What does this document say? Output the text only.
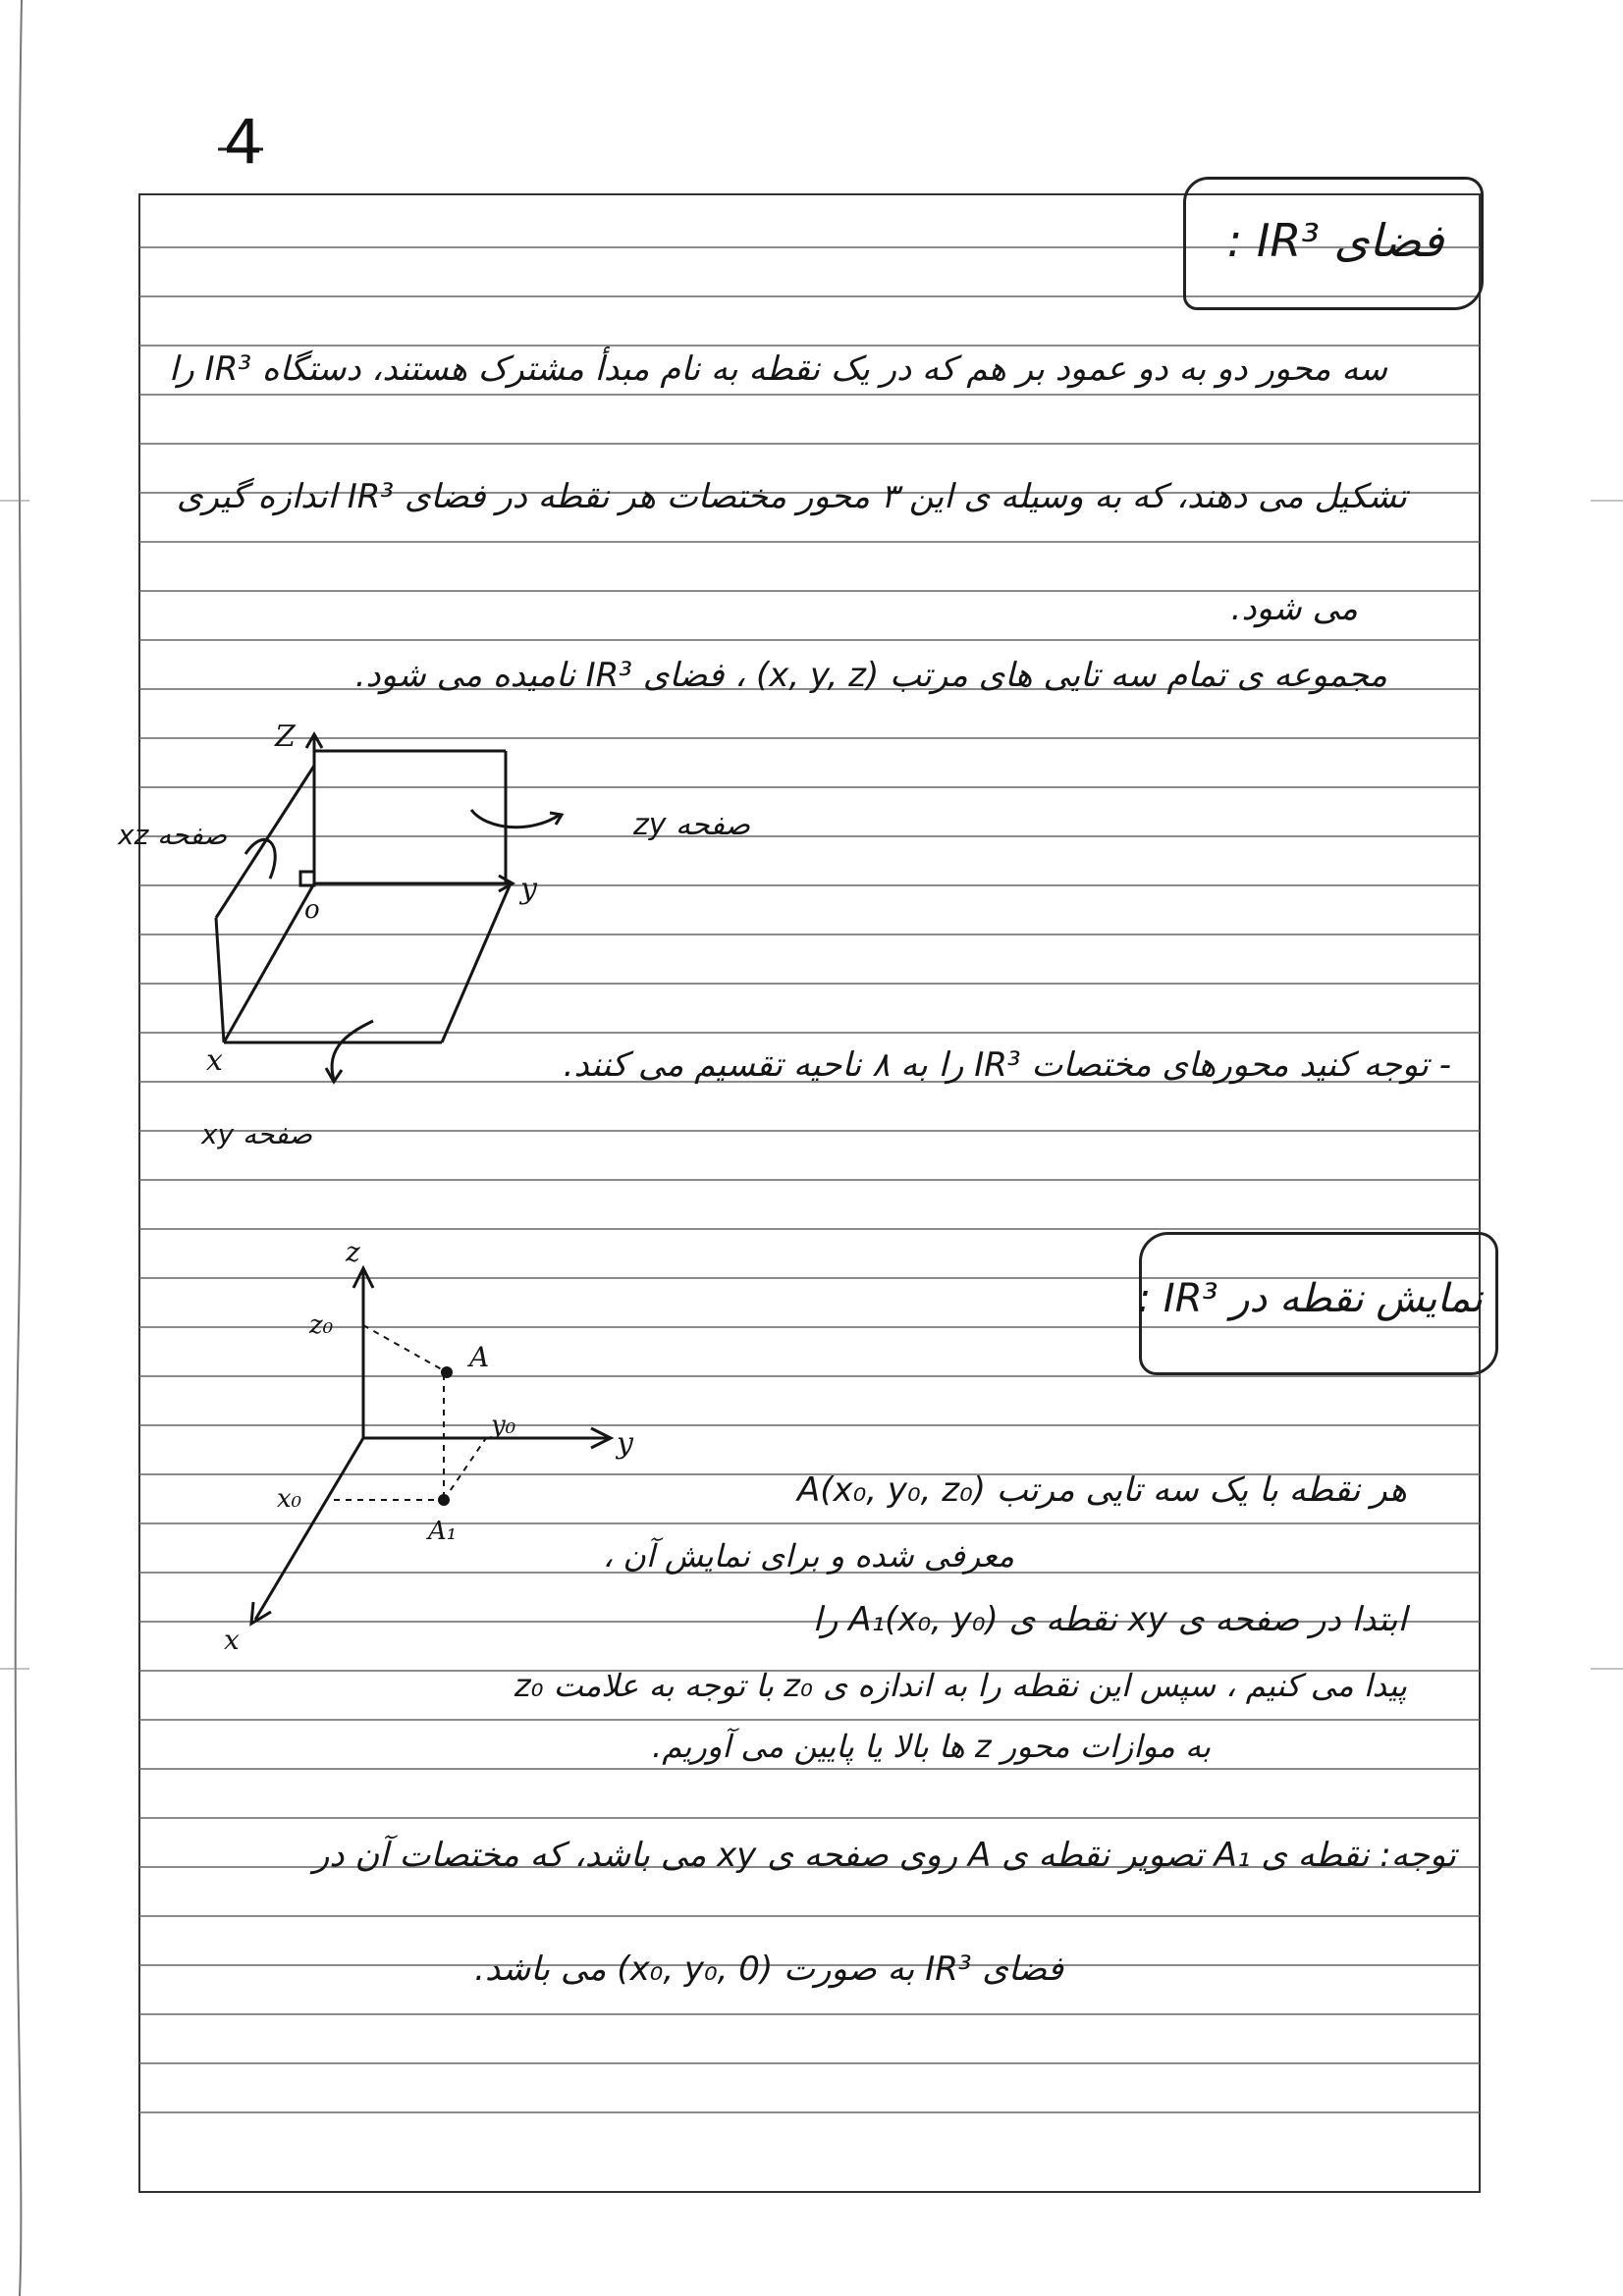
4
فضای IR³ :
سه محور دو به دو عمود بر هم که در یک نقطه به نام مبدأ مشترک هستند، دستگاه IR³ را
تشکیل می دهند، که به وسیله ی این ۳ محور مختصات هر نقطه در فضای IR³ اندازه گیری
می شود.
مجموعه ی تمام سه تایی های مرتب (x, y, z) ، فضای IR³ نامیده می شود.
- توجه کنید محورهای مختصات IR³ را به ۸ ناحیه تقسیم می کنند.
Z
y
x
o
xz صفحه	zy صفحه
xy صفحه
نمایش نقطه در IR³ :
هر نقطه با یک سه تایی مرتب A(x₀, y₀, z₀)
معرفی شده و برای نمایش آن ،
ابتدا در صفحه ی xy نقطه ی A₁(x₀, y₀) را
پیدا می کنیم ، سپس این نقطه را به اندازه ی z₀ با توجه به علامت z₀
به موازات محور z ها بالا یا پایین می آوریم.
توجه: نقطه ی A₁ تصویر نقطه ی A روی صفحه ی xy می باشد، که مختصات آن در
فضای IR³ به صورت (x₀, y₀, 0) می باشد.
z
z₀
A
y₀
y
x₀
A₁
x
